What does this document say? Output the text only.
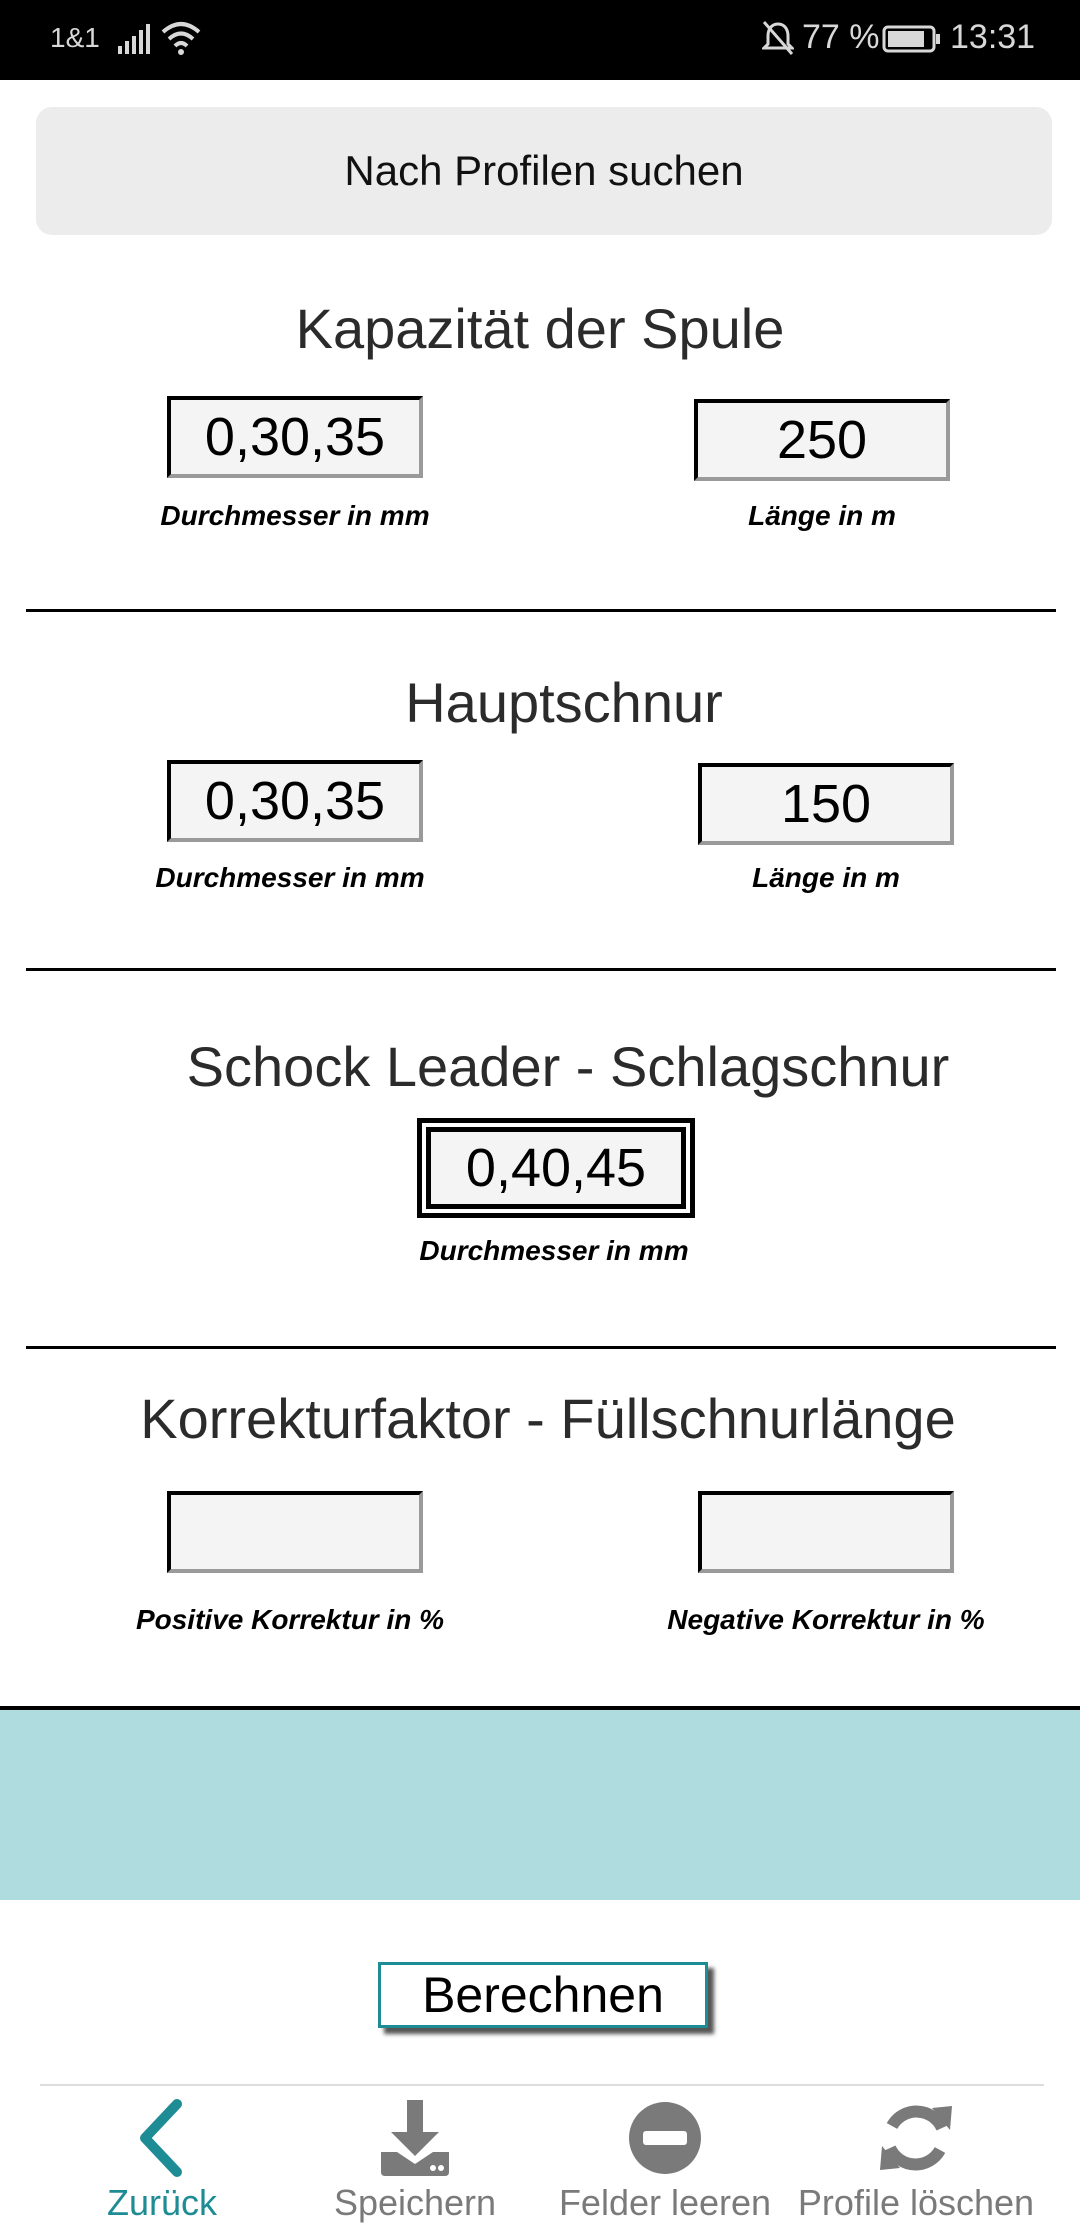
1&1	77 % 13:31
Nach Profilen suchen
Kapazität der Spule
0,30,35
Durchmesser in mm
250
Länge in m
Hauptschnur
0,30,35
Durchmesser in mm
150
Länge in m
Schock Leader - Schlagschnur
0,40,45
Durchmesser in mm
Korrekturfaktor - Füllschnurlänge
Positive Korrektur in %	Negative Korrektur in %
Berechnen
Zurück	Speichern	Felder leeren Profile löschen
